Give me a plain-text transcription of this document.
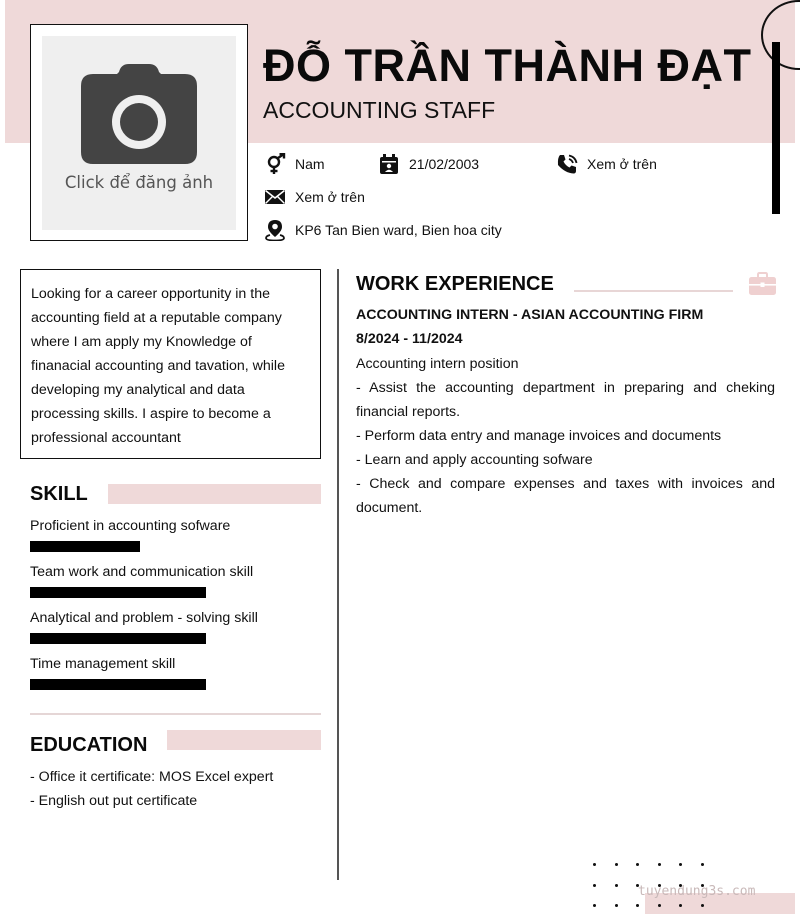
Click để đăng ảnh
ĐỖ TRẦN THÀNH ĐẠT
ACCOUNTING STAFF
Nam	21/02/2003	Xem ở trên
Xem ở trên
KP6 Tan Bien ward, Bien hoa city
Looking for a career opportunity in the
accounting field at a reputable company
where I am apply my Knowledge of
finanacial accounting and tavation, while
developing my analytical and data
processing skills. I aspire to become a
professional accountant
SKILL
Proficient in accounting sofware
Team work and communication skill
Analytical and problem - solving skill
Time management skill
EDUCATION
- Office it certificate: MOS Excel expert
- English out put certificate
WORK EXPERIENCE
ACCOUNTING INTERN - ASIAN ACCOUNTING FIRM
8/2024 - 11/2024

Accounting intern position

- Assist the accounting department in preparing and cheking financial reports.

- Perform data entry and manage invoices and documents

- Learn and apply accounting sofware

- Check and compare expenses and taxes with invoices and document.

tuyendung3s.com
